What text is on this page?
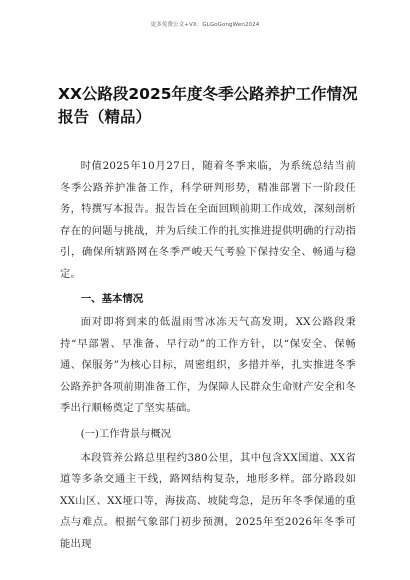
更多免费公文+VX：GLGoGongWen2024
XX公路段2025年度冬季公路养护工作情况报告（精品）

时值2025年10月27日，随着冬季来临，为系统总结当前冬季公路养护准备工作，科学研判形势，精准部署下一阶段任务，特撰写本报告。报告旨在全面回顾前期工作成效，深刻剖析存在的问题与挑战，并为后续工作的扎实推进提供明确的行动指引，确保所辖路网在冬季严峻天气考验下保持安全、畅通与稳定。

一、基本情况

面对即将到来的低温雨雪冰冻天气高发期，XX公路段秉持“早部署、早准备、早行动”的工作方针，以“保安全、保畅通、保服务”为核心目标，周密组织，多措并举，扎实推进冬季公路养护各项前期准备工作，为保障人民群众生命财产安全和冬季出行顺畅奠定了坚实基础。

(一)工作背景与概况

本段管养公路总里程约380公里，其中包含XX国道、XX省道等多条交通主干线，路网结构复杂，地形多样。部分路段如XX山区、XX垭口等，海拔高、坡陡弯急，是历年冬季保通的重点与难点。根据气象部门初步预测，2025年至2026年冬季可能出现
